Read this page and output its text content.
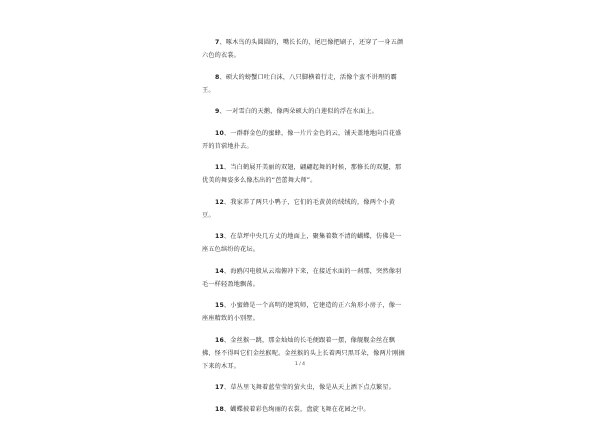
7、啄木鸟的头圆圆的，嘴长长的，尾巴像把刷子，还穿了一身五颜六色的衣裳。

8、硕大的螃蟹口吐白沫，八只脚横着行走，活像个蛮不讲理的霸王。

9、一对雪白的天鹅，像两朵硕大的白莲似的浮在水面上。

10、一群群金色的蜜蜂，像一片片金色的云，铺天盖地地向百花盛开的苜蓿地扑去。

11、当白鹤展开美丽的双翅，翩翩起舞的时候，那修长的双腿，那优美的舞姿多么像杰出的“芭蕾舞大师”。

12、我家养了两只小鸭子，它们的毛黄黄的绒绒的，像两个小黄豆。

13、在草坪中央几方丈的地面上，聚集着数不清的蝴蝶，仿佛是一座五色缤纷的花坛。

14、海鸥闪电般从云端俯冲下来，在接近水面的一刹那，突然像羽毛一样轻盈地飘荡。

15、小蜜蜂是一个高明的建筑师，它建造的正六角形小房子，像一座座精致的小别墅。

16、金丝猴一跳，那金灿灿的长毛便跟着一摆，像舰舰金丝在飘拂，怪不得叫它们金丝猴呢。金丝猴的头上长着两只黑耳朵，像两片刚摘下来的木耳。

17、草丛里飞舞着蓝莹莹的萤火虫，像是从天上洒下点点繁星。

18、蝴蝶披着彩色绚丽的衣裳，盘旋飞舞在花园之中。

1 / 4
